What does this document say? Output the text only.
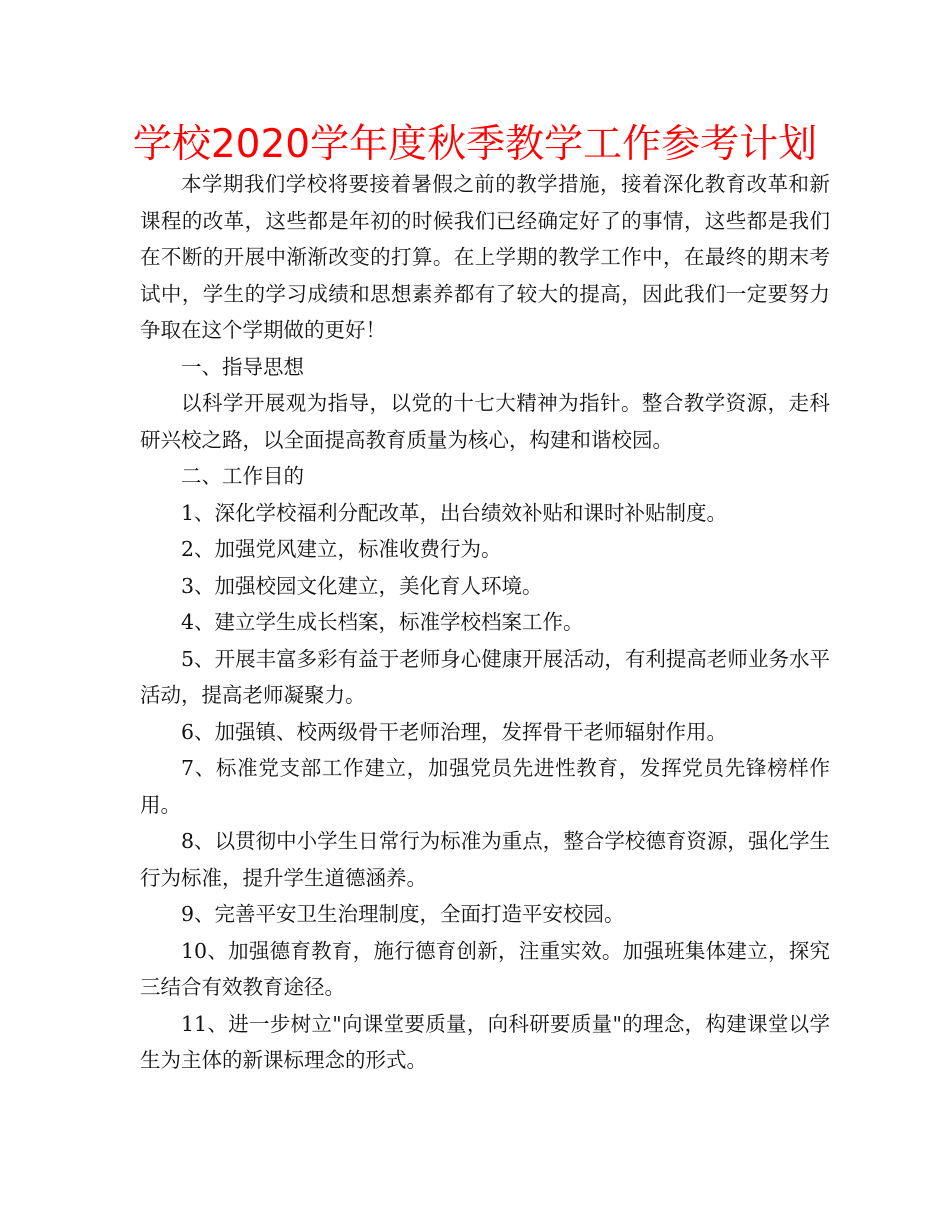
学校2020学年度秋季教学工作参考计划

本学期我们学校将要接着暑假之前的教学措施，接着深化教育改革和新课程的改革，这些都是年初的时候我们已经确定好了的事情，这些都是我们在不断的开展中渐渐改变的打算。在上学期的教学工作中，在最终的期末考试中，学生的学习成绩和思想素养都有了较大的提高，因此我们一定要努力争取在这个学期做的更好！

一、指导思想

以科学开展观为指导，以党的十七大精神为指针。整合教学资源，走科研兴校之路，以全面提高教育质量为核心，构建和谐校园。

二、工作目的

1、深化学校福利分配改革，出台绩效补贴和课时补贴制度。

2、加强党风建立，标准收费行为。

3、加强校园文化建立，美化育人环境。

4、建立学生成长档案，标准学校档案工作。

5、开展丰富多彩有益于老师身心健康开展活动，有利提高老师业务水平活动，提高老师凝聚力。

6、加强镇、校两级骨干老师治理，发挥骨干老师辐射作用。

7、标准党支部工作建立，加强党员先进性教育，发挥党员先锋榜样作用。

8、以贯彻中小学生日常行为标准为重点，整合学校德育资源，强化学生行为标准，提升学生道德涵养。

9、完善平安卫生治理制度，全面打造平安校园。

10、加强德育教育，施行德育创新，注重实效。加强班集体建立，探究三结合有效教育途径。

11、进一步树立"向课堂要质量，向科研要质量"的理念，构建课堂以学生为主体的新课标理念的形式。
